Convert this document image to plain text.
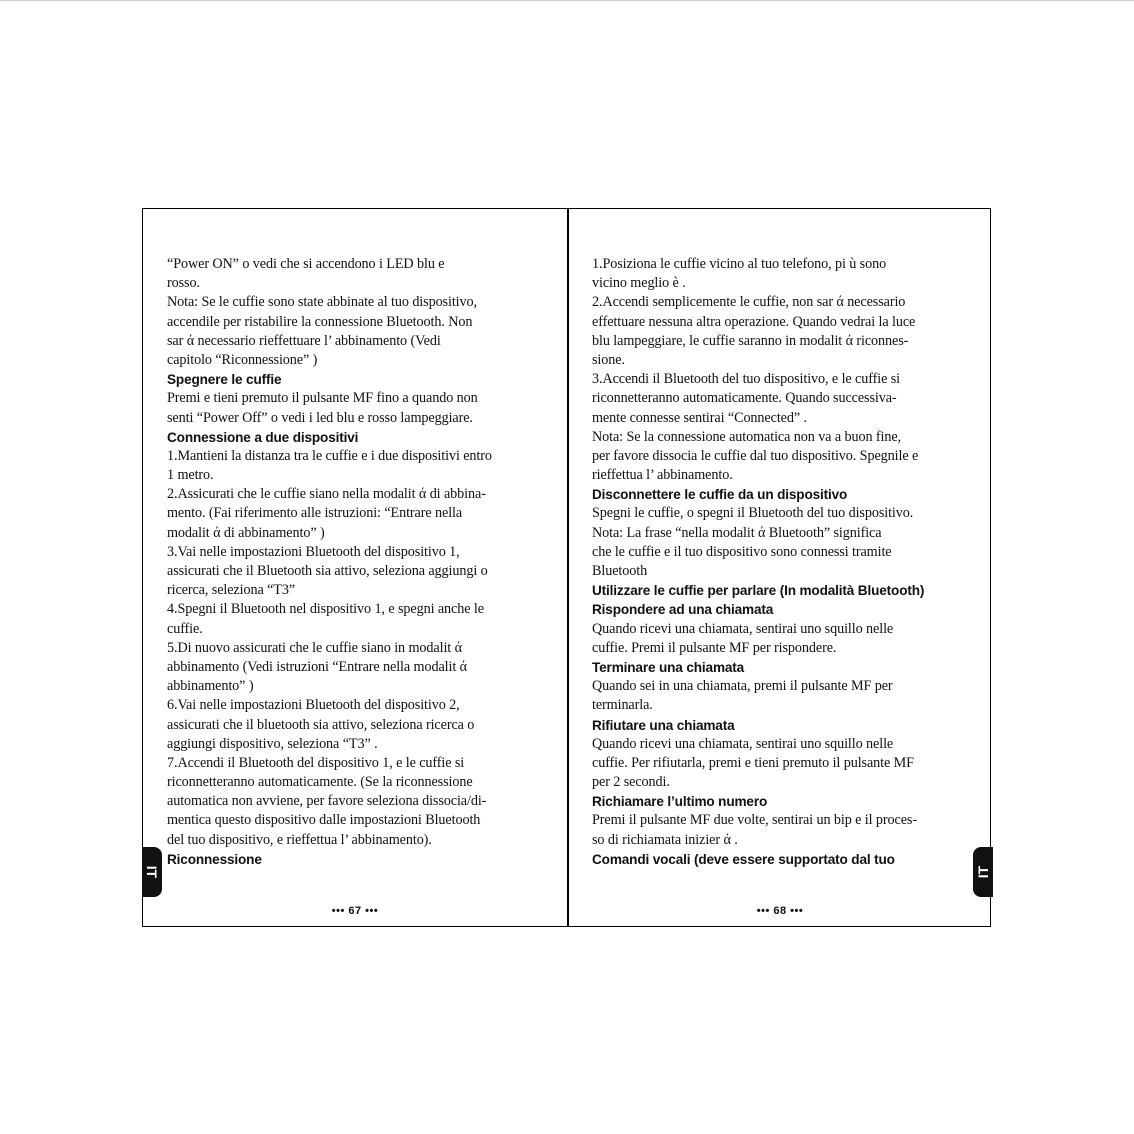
“Power ON” o vedi che si accendono i LED blu e
rosso.
Nota: Se le cuffie sono state abbinate al tuo dispositivo,
accendile per ristabilire la connessione Bluetooth. Non
sar ά necessario rieffettuare l’ abbinamento (Vedi
capitolo “Riconnessione” )
Spegnere le cuffie
Premi e tieni premuto il pulsante MF fino a quando non
senti “Power Off” o vedi i led blu e rosso lampeggiare.
Connessione a due dispositivi
1.Mantieni la distanza tra le cuffie e i due dispositivi entro
1 metro.
2.Assicurati che le cuffie siano nella modalit ά di abbina-
mento. (Fai riferimento alle istruzioni: “Entrare nella
modalit ά di abbinamento” )
3.Vai nelle impostazioni Bluetooth del dispositivo 1,
assicurati che il Bluetooth sia attivo, seleziona aggiungi o
ricerca, seleziona “T3”
4.Spegni il Bluetooth nel dispositivo 1, e spegni anche le
cuffie.
5.Di nuovo assicurati che le cuffie siano in modalit ά
abbinamento (Vedi istruzioni “Entrare nella modalit ά
abbinamento” )
6.Vai nelle impostazioni Bluetooth del dispositivo 2,
assicurati che il bluetooth sia attivo, seleziona ricerca o
aggiungi dispositivo, seleziona “T3” .
7.Accendi il Bluetooth del dispositivo 1, e le cuffie si
riconnetteranno automaticamente. (Se la riconnessione
automatica non avviene, per favore seleziona dissocia/di-
mentica questo dispositivo dalle impostazioni Bluetooth
del tuo dispositivo, e rieffettua l’ abbinamento).
Riconnessione
••• 67 •••
IT
1.Posiziona le cuffie vicino al tuo telefono, pi ù sono
vicino meglio è .
2.Accendi semplicemente le cuffie, non sar ά necessario
effettuare nessuna altra operazione. Quando vedrai la luce
blu lampeggiare, le cuffie saranno in modalit ά riconnes-
sione.
3.Accendi il Bluetooth del tuo dispositivo, e le cuffie si
riconnetteranno automaticamente. Quando successiva-
mente connesse sentirai “Connected” .
Nota: Se la connessione automatica non va a buon fine,
per favore dissocia le cuffie dal tuo dispositivo. Spegnile e
rieffettua l’ abbinamento.
Disconnettere le cuffie da un dispositivo
Spegni le cuffie, o spegni il Bluetooth del tuo dispositivo.
Nota: La frase “nella modalit ά Bluetooth” significa
che le cuffie e il tuo dispositivo sono connessi tramite
Bluetooth
Utilizzare le cuffie per parlare (In modalità Bluetooth)
Rispondere ad una chiamata
Quando ricevi una chiamata, sentirai uno squillo nelle
cuffie. Premi il pulsante MF per rispondere.
Terminare una chiamata
Quando sei in una chiamata, premi il pulsante MF per
terminarla.
Rifiutare una chiamata
Quando ricevi una chiamata, sentirai uno squillo nelle
cuffie. Per rifiutarla, premi e tieni premuto il pulsante MF
per 2 secondi.
Richiamare l’ultimo numero
Premi il pulsante MF due volte, sentirai un bip e il proces-
so di richiamata inizier ά .
Comandi vocali (deve essere supportato dal tuo
••• 68 •••
IT
